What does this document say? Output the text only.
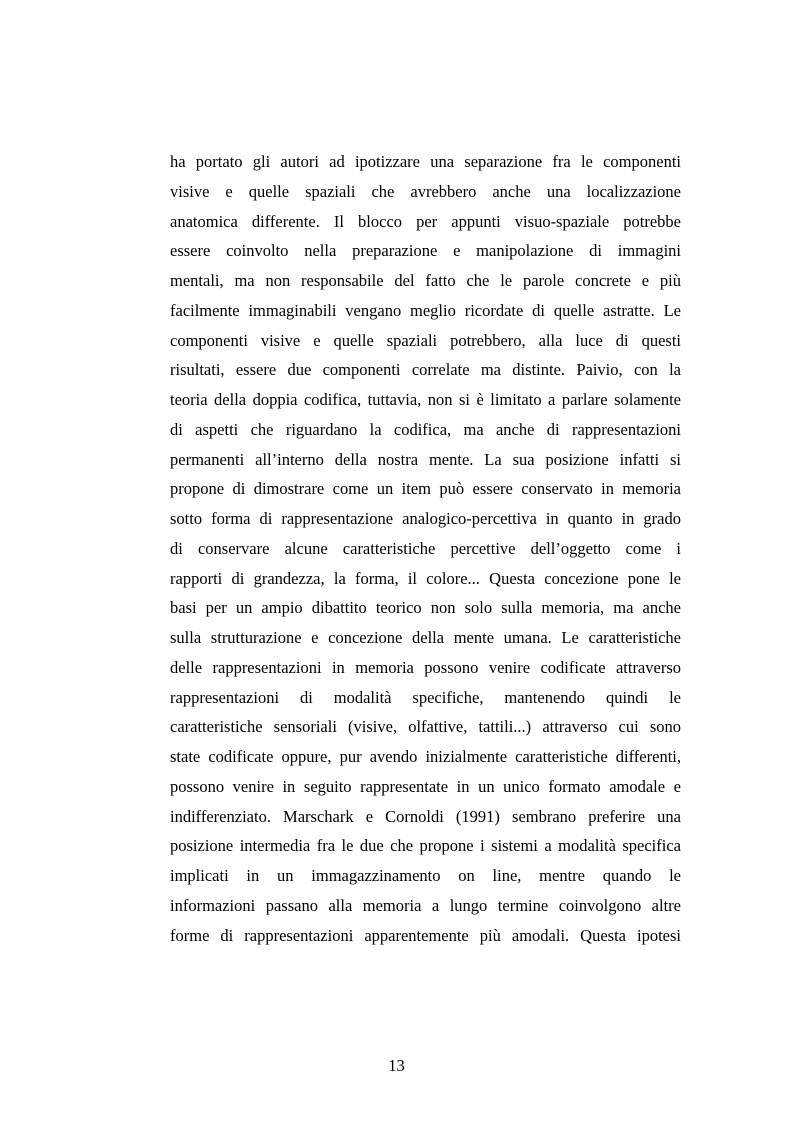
ha portato gli autori ad ipotizzare una separazione fra le componenti
visive e quelle spaziali che avrebbero anche una localizzazione
anatomica differente. Il blocco per appunti visuo-spaziale potrebbe
essere coinvolto nella preparazione e manipolazione di immagini
mentali, ma non responsabile del fatto che le parole concrete e più
facilmente immaginabili vengano meglio ricordate di quelle astratte. Le
componenti visive e quelle spaziali potrebbero, alla luce di questi
risultati, essere due componenti correlate ma distinte. Paivio, con la
teoria della doppia codifica, tuttavia, non si è limitato a parlare solamente
di aspetti che riguardano la codifica, ma anche di rappresentazioni
permanenti all’interno della nostra mente. La sua posizione infatti si
propone di dimostrare come un item può essere conservato in memoria
sotto forma di rappresentazione analogico-percettiva in quanto in grado
di conservare alcune caratteristiche percettive dell’oggetto come i
rapporti di grandezza, la forma, il colore... Questa concezione pone le
basi per un ampio dibattito teorico non solo sulla memoria, ma anche
sulla strutturazione e concezione della mente umana. Le caratteristiche
delle rappresentazioni in memoria possono venire codificate attraverso
rappresentazioni di modalità specifiche, mantenendo quindi le
caratteristiche sensoriali (visive, olfattive, tattili...) attraverso cui sono
state codificate oppure, pur avendo inizialmente caratteristiche differenti,
possono venire in seguito rappresentate in un unico formato amodale e
indifferenziato. Marschark e Cornoldi (1991) sembrano preferire una
posizione intermedia fra le due che propone i sistemi a modalità specifica
implicati in un immagazzinamento on line, mentre quando le
informazioni passano alla memoria a lungo termine coinvolgono altre
forme di rappresentazioni apparentemente più amodali. Questa ipotesi
13
